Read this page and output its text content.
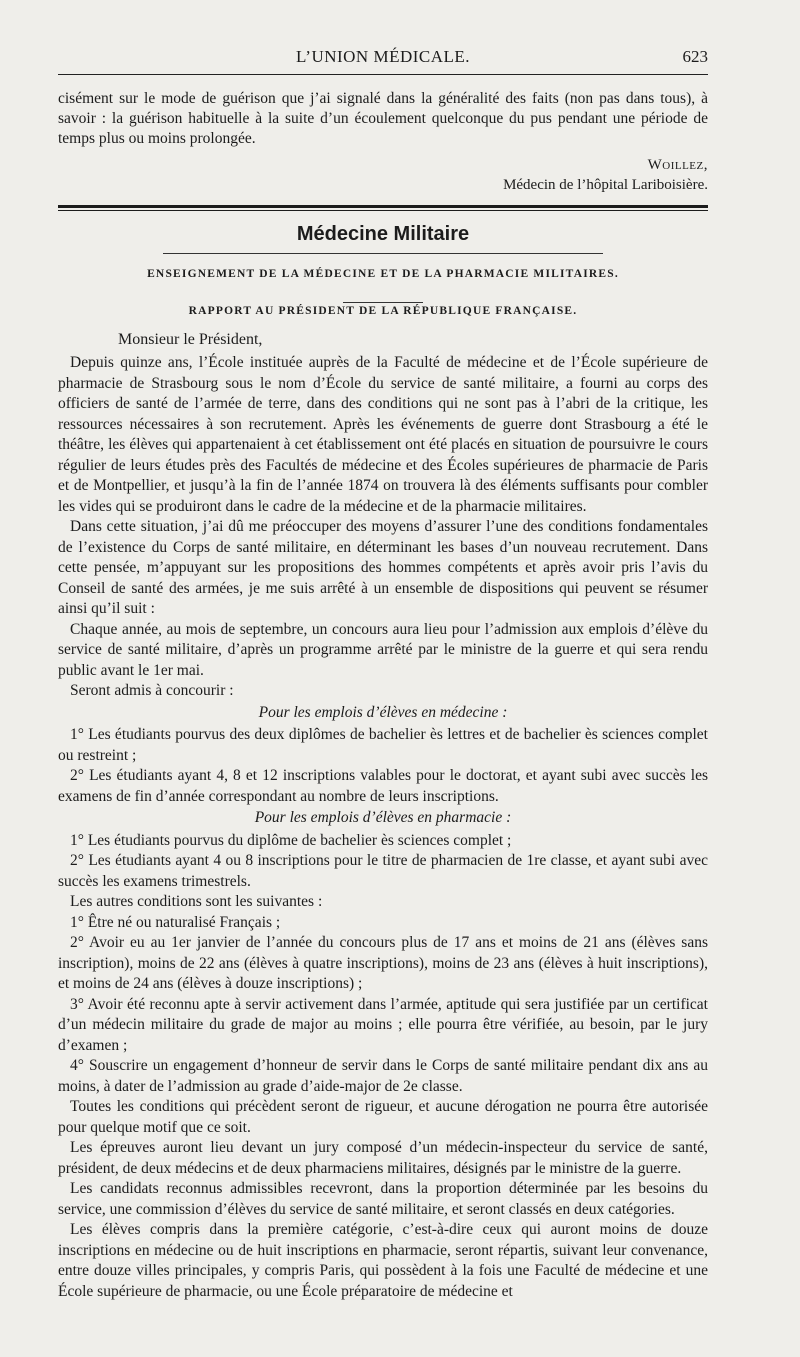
L’UNION MÉDICALE.	623

cisément sur le mode de guérison que j’ai signalé dans la généralité des faits (non pas dans tous), à savoir : la guérison habituelle à la suite d’un écoulement quelconque du pus pendant une période de temps plus ou moins prolongée.

Woillez,
Médecin de l’hôpital Lariboisière.
Médecine Militaire
ENSEIGNEMENT DE LA MÉDECINE ET DE LA PHARMACIE MILITAIRES.
RAPPORT AU PRÉSIDENT DE LA RÉPUBLIQUE FRANÇAISE.
Monsieur le Président,

Depuis quinze ans, l’École instituée auprès de la Faculté de médecine et de l’École supérieure de pharmacie de Strasbourg sous le nom d’École du service de santé militaire, a fourni au corps des officiers de santé de l’armée de terre, dans des conditions qui ne sont pas à l’abri de la critique, les ressources nécessaires à son recrutement. Après les événements de guerre dont Strasbourg a été le théâtre, les élèves qui appartenaient à cet établissement ont été placés en situation de poursuivre le cours régulier de leurs études près des Facultés de médecine et des Écoles supérieures de pharmacie de Paris et de Montpellier, et jusqu’à la fin de l’année 1874 on trouvera là des éléments suffisants pour combler les vides qui se produiront dans le cadre de la médecine et de la pharmacie militaires.

Dans cette situation, j’ai dû me préoccuper des moyens d’assurer l’une des conditions fondamentales de l’existence du Corps de santé militaire, en déterminant les bases d’un nouveau recrutement. Dans cette pensée, m’appuyant sur les propositions des hommes compétents et après avoir pris l’avis du Conseil de santé des armées, je me suis arrêté à un ensemble de dispositions qui peuvent se résumer ainsi qu’il suit :

Chaque année, au mois de septembre, un concours aura lieu pour l’admission aux emplois d’élève du service de santé militaire, d’après un programme arrêté par le ministre de la guerre et qui sera rendu public avant le 1er mai.

Seront admis à concourir :

Pour les emplois d’élèves en médecine :

1° Les étudiants pourvus des deux diplômes de bachelier ès lettres et de bachelier ès sciences complet ou restreint ;

2° Les étudiants ayant 4, 8 et 12 inscriptions valables pour le doctorat, et ayant subi avec succès les examens de fin d’année correspondant au nombre de leurs inscriptions.

Pour les emplois d’élèves en pharmacie :

1° Les étudiants pourvus du diplôme de bachelier ès sciences complet ;

2° Les étudiants ayant 4 ou 8 inscriptions pour le titre de pharmacien de 1re classe, et ayant subi avec succès les examens trimestrels.

Les autres conditions sont les suivantes :

1° Être né ou naturalisé Français ;

2° Avoir eu au 1er janvier de l’année du concours plus de 17 ans et moins de 21 ans (élèves sans inscription), moins de 22 ans (élèves à quatre inscriptions), moins de 23 ans (élèves à huit inscriptions), et moins de 24 ans (élèves à douze inscriptions) ;

3° Avoir été reconnu apte à servir activement dans l’armée, aptitude qui sera justifiée par un certificat d’un médecin militaire du grade de major au moins ; elle pourra être vérifiée, au besoin, par le jury d’examen ;

4° Souscrire un engagement d’honneur de servir dans le Corps de santé militaire pendant dix ans au moins, à dater de l’admission au grade d’aide-major de 2e classe.

Toutes les conditions qui précèdent seront de rigueur, et aucune dérogation ne pourra être autorisée pour quelque motif que ce soit.

Les épreuves auront lieu devant un jury composé d’un médecin-inspecteur du service de santé, président, de deux médecins et de deux pharmaciens militaires, désignés par le ministre de la guerre.

Les candidats reconnus admissibles recevront, dans la proportion déterminée par les besoins du service, une commission d’élèves du service de santé militaire, et seront classés en deux catégories.

Les élèves compris dans la première catégorie, c’est-à-dire ceux qui auront moins de douze inscriptions en médecine ou de huit inscriptions en pharmacie, seront répartis, suivant leur convenance, entre douze villes principales, y compris Paris, qui possèdent à la fois une Faculté de médecine et une École supérieure de pharmacie, ou une École préparatoire de médecine et
